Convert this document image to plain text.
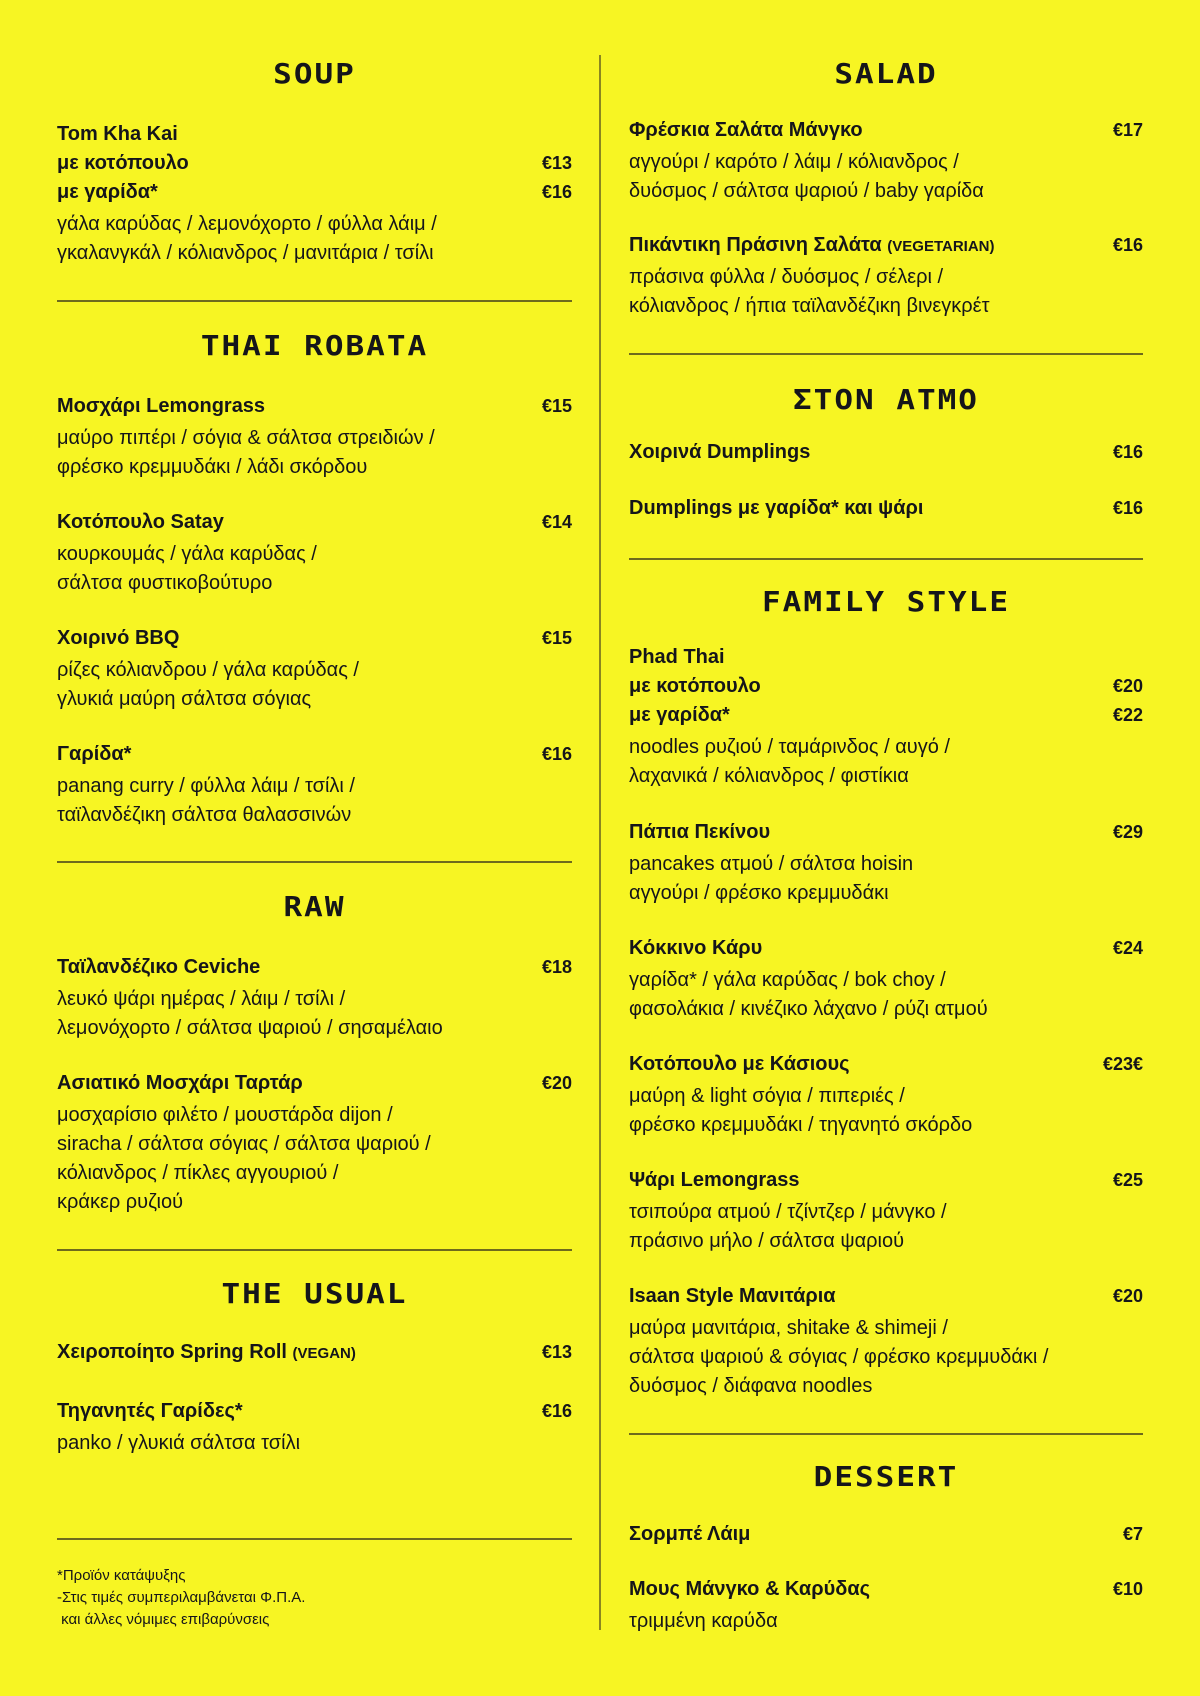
SOUP
Tom Kha Kai
με κοτόπουλο	€13
με γαρίδα*	€16
γάλα καρύδας / λεμονόχορτο / φύλλα λάιμ /
γκαλανγκάλ / κόλιανδρος / μανιτάρια / τσίλι
THAI ROBATA
Μοσχάρι Lemongrass	€15
μαύρο πιπέρι / σόγια & σάλτσα στρειδιών /
φρέσκο κρεμμυδάκι / λάδι σκόρδου
Κοτόπουλο Satay	€14
κουρκουμάς / γάλα καρύδας /
σάλτσα φυστικοβούτυρο
Χοιρινό BBQ	€15
ρίζες κόλιανδρου / γάλα καρύδας /
γλυκιά μαύρη σάλτσα σόγιας
Γαρίδα*	€16
panang curry / φύλλα λάιμ / τσίλι /
ταϊλανδέζικη σάλτσα θαλασσινών
RAW
Ταϊλανδέζικο Ceviche	€18
λευκό ψάρι ημέρας / λάιμ / τσίλι /
λεμονόχορτο / σάλτσα ψαριού / σησαμέλαιο
Ασιατικό Μοσχάρι Ταρτάρ	€20
μοσχαρίσιο φιλέτο / μουστάρδα dijon /
siracha / σάλτσα σόγιας / σάλτσα ψαριού /
κόλιανδρος / πίκλες αγγουριού /
κράκερ ρυζιού
THE USUAL
Χειροποίητο Spring Roll (VEGAN)	€13
Τηγανητές Γαρίδες*	€16
panko / γλυκιά σάλτσα τσίλι
*Προϊόν κατάψυξης
-Στις τιμές συμπεριλαμβάνεται Φ.Π.Α.
και άλλες νόμιμες επιβαρύνσεις
SALAD
Φρέσκια Σαλάτα Μάνγκο	€17
αγγούρι / καρότο / λάιμ / κόλιανδρος /
δυόσμος / σάλτσα ψαριού / baby γαρίδα
Πικάντικη Πράσινη Σαλάτα (VEGETARIAN)	€16
πράσινα φύλλα / δυόσμος / σέλερι /
κόλιανδρος / ήπια ταϊλανδέζικη βινεγκρέτ
ΣΤΟΝ ΑΤΜΟ
Χοιρινά Dumplings	€16
Dumplings με γαρίδα* και ψάρι	€16
FAMILY STYLE
Phad Thai
με κοτόπουλο	€20
με γαρίδα*	€22
noodles ρυζιού / ταμάρινδος / αυγό /
λαχανικά / κόλιανδρος / φιστίκια
Πάπια Πεκίνου	€29
pancakes ατμού / σάλτσα hoisin
αγγούρι / φρέσκο κρεμμυδάκι
Κόκκινο Κάρυ	€24
γαρίδα* / γάλα καρύδας / bok choy /
φασολάκια / κινέζικο λάχανο / ρύζι ατμού
Κοτόπουλο με Κάσιους	€23€
μαύρη & light σόγια / πιπεριές /
φρέσκο κρεμμυδάκι / τηγανητό σκόρδο
Ψάρι Lemongrass	€25
τσιπούρα ατμού / τζίντζερ / μάνγκο /
πράσινο μήλο / σάλτσα ψαριού
Isaan Style Μανιτάρια	€20
μαύρα μανιτάρια, shitake & shimeji /
σάλτσα ψαριού & σόγιας / φρέσκο κρεμμυδάκι /
δυόσμος / διάφανα noodles
DESSERT
Σορμπέ Λάιμ	€7
Μους Μάνγκο & Καρύδας	€10
τριμμένη καρύδα
